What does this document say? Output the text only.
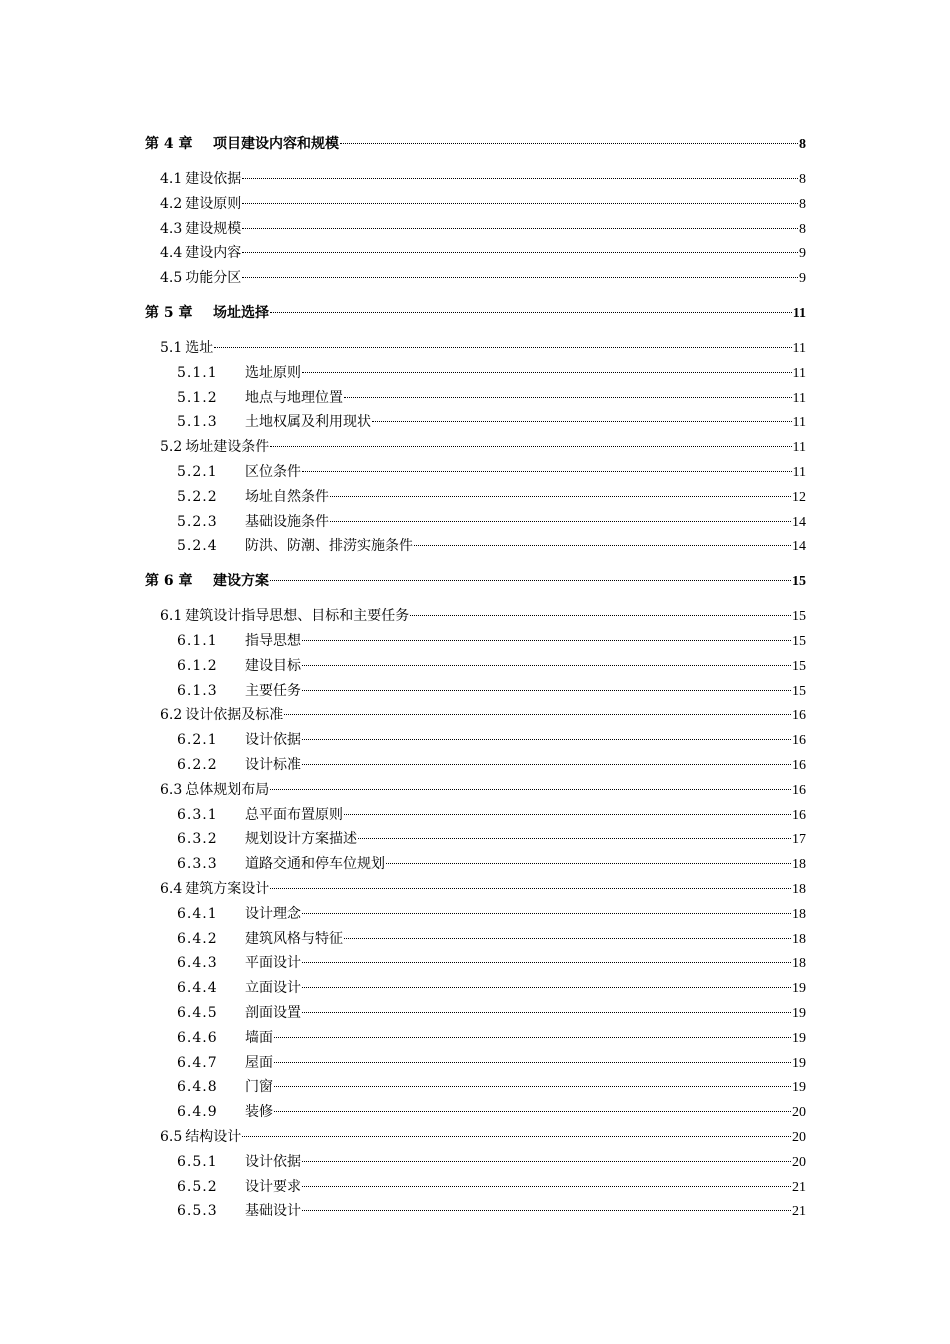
第 4 章 项目建设内容和规模	8
4.1 建设依据	8
4.2 建设原则	8
4.3 建设规模	8
4.4 建设内容	9
4.5 功能分区	9
第 5 章 场址选择	11
5.1 选址	11
5.1.1 选址原则	11
5.1.2 地点与地理位置	11
5.1.3 土地权属及利用现状	11
5.2 场址建设条件	11
5.2.1 区位条件	11
5.2.2 场址自然条件	12
5.2.3 基础设施条件	14
5.2.4 防洪、防潮、排涝实施条件	14
第 6 章 建设方案	15
6.1 建筑设计指导思想、目标和主要任务	15
6.1.1 指导思想	15
6.1.2 建设目标	15
6.1.3 主要任务	15
6.2 设计依据及标准	16
6.2.1 设计依据	16
6.2.2 设计标准	16
6.3 总体规划布局	16
6.3.1 总平面布置原则	16
6.3.2 规划设计方案描述	17
6.3.3 道路交通和停车位规划	18
6.4 建筑方案设计	18
6.4.1 设计理念	18
6.4.2 建筑风格与特征	18
6.4.3 平面设计	18
6.4.4 立面设计	19
6.4.5 剖面设置	19
6.4.6 墙面	19
6.4.7 屋面	19
6.4.8 门窗	19
6.4.9 装修	20
6.5 结构设计	20
6.5.1 设计依据	20
6.5.2 设计要求	21
6.5.3 基础设计	21
